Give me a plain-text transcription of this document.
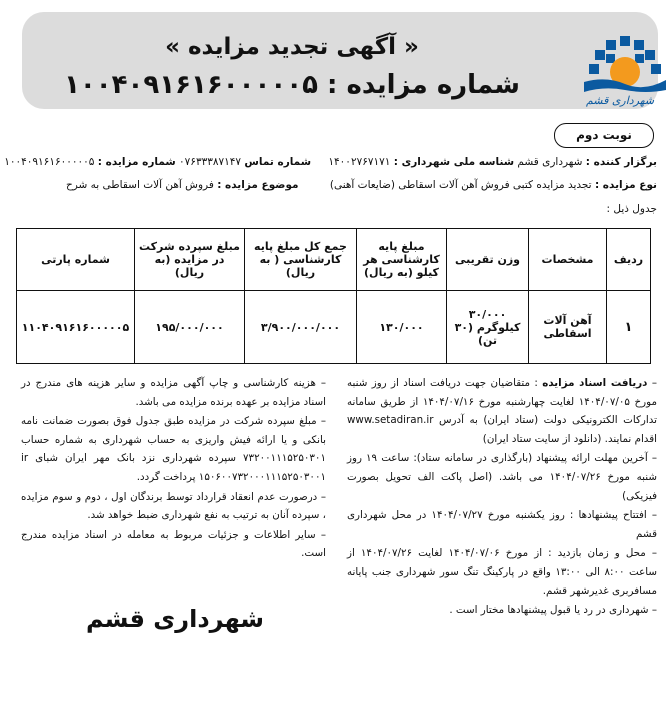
« آگهی تجدید مزایده »
شماره مزایده : ۱۰۰۴۰۹۱۶۱۶۰۰۰۰۰۵
شهرداری قشم
نوبت دوم
برگزار کننده : شهرداری قشم شناسه ملی شهرداری : ۱۴۰۰۲۷۶۷۱۷۱ شماره تماس ۰۷۶۳۳۳۸۷۱۴۷ شماره مزایده : ۱۰۰۴۰۹۱۶۱۶۰۰۰۰۰۵
نوع مزایده : تجدید مزایده کتبی فروش آهن آلات اسقاطی (ضایعات آهنی) موضوع مزایده : فروش آهن آلات اسقاطی به شرح
جدول ذیل :
ردیف	مشخصات	وزن تقریبی	مبلغ پایه کارشناسی هر کیلو (به ریال)	جمع کل مبلغ پایه کارشناسی ( به ریال)	مبلغ سپرده شرکت در مزایده (به ریال)	شماره پارتی
۱	آهن آلات اسقاطی	۳۰/۰۰۰ کیلوگرم (۳۰ تن)	۱۳۰/۰۰۰	۳/۹۰۰/۰۰۰/۰۰۰	۱۹۵/۰۰۰/۰۰۰	۱۱۰۴۰۹۱۶۱۶۰۰۰۰۰۵
– دریافت اسناد مزایده : متقاضیان جهت دریافت اسناد از روز شنبه مورخ ۱۴۰۴/۰۷/۰۵ لغایت چهارشنبه مورخ ۱۴۰۴/۰۷/۱۶ از طریق سامانه تدارکات الکترونیکی دولت (ستاد ایران) به آدرس www.setadiran.ir اقدام نمایند. (دانلود از سایت ستاد ایران)
– آخرین مهلت ارائه پیشنهاد (بارگذاری در سامانه ستاد): ساعت ۱۹ روز شنبه مورخ ۱۴۰۴/۰۷/۲۶ می باشد. (اصل پاکت الف تحویل بصورت فیزیکی)
– افتتاح پیشنهادها : روز یکشنبه مورخ ۱۴۰۴/۰۷/۲۷ در محل شهرداری قشم
– محل و زمان بازدید : از مورخ ۱۴۰۴/۰۷/۰۶ لغایت ۱۴۰۴/۰۷/۲۶ از ساعت ۸:۰۰ الی ۱۳:۰۰ واقع در پارکینگ تنگ سور شهرداری جنب پایانه مسافربری غدیرشهر قشم.
– شهرداری در رد یا قبول پیشنهادها مختار است .
– هزینه کارشناسی و چاپ آگهی مزایده و سایر هزینه های مندرج در اسناد مزایده بر عهده برنده مزایده می باشد.
– مبلغ سپرده شرکت در مزایده طبق جدول فوق بصورت ضمانت نامه بانکی و یا ارائه فیش واریزی به حساب شهرداری به شماره حساب ۷۳۲۰۰۱۱۱۵۲۵۰۳۰۱ سپرده شهرداری نزد بانک مهر ایران شبای ir ۱۵۰۶۰۰۷۳۲۰۰۰۱۱۱۵۲۵۰۳۰۰۱ پرداخت گردد.
– درصورت عدم انعقاد قرارداد توسط برندگان اول ، دوم و سوم مزایده ، سپرده آنان به ترتیب به نفع شهرداری ضبط خواهد شد.
– سایر اطلاعات و جزئیات مربوط به معامله در اسناد مزایده مندرج است.
شهرداری قشم
